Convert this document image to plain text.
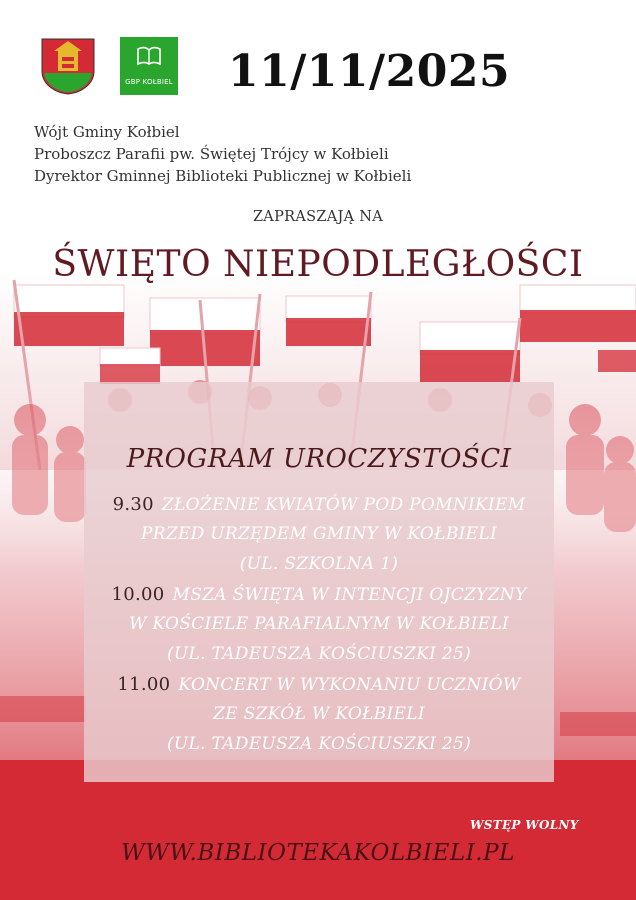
GBP KOŁBIEL 11/11/2025
Wójt Gminy Kołbiel
Proboszcz Parafii pw. Świętej Trójcy w Kołbieli
Dyrektor Gminnej Biblioteki Publicznej w Kołbieli
ZAPRASZAJĄ NA
ŚWIĘTO NIEPODLEGŁOŚCI
PROGRAM UROCZYSTOŚCI
9.30 ZŁOŻENIE KWIATÓW POD POMNIKIEM
PRZED URZĘDEM GMINY W KOŁBIELI
(UL. SZKOLNA 1)
10.00 MSZA ŚWIĘTA W INTENCJI OJCZYZNY
W KOŚCIELE PARAFIALNYM W KOŁBIELI
(UL. TADEUSZA KOŚCIUSZKI 25)
11.00 KONCERT W WYKONANIU UCZNIÓW
ZE SZKÓŁ W KOŁBIELI
(UL. TADEUSZA KOŚCIUSZKI 25)
WSTĘP WOLNY
WWW.BIBLIOTEKAKOLBIELI.PL
